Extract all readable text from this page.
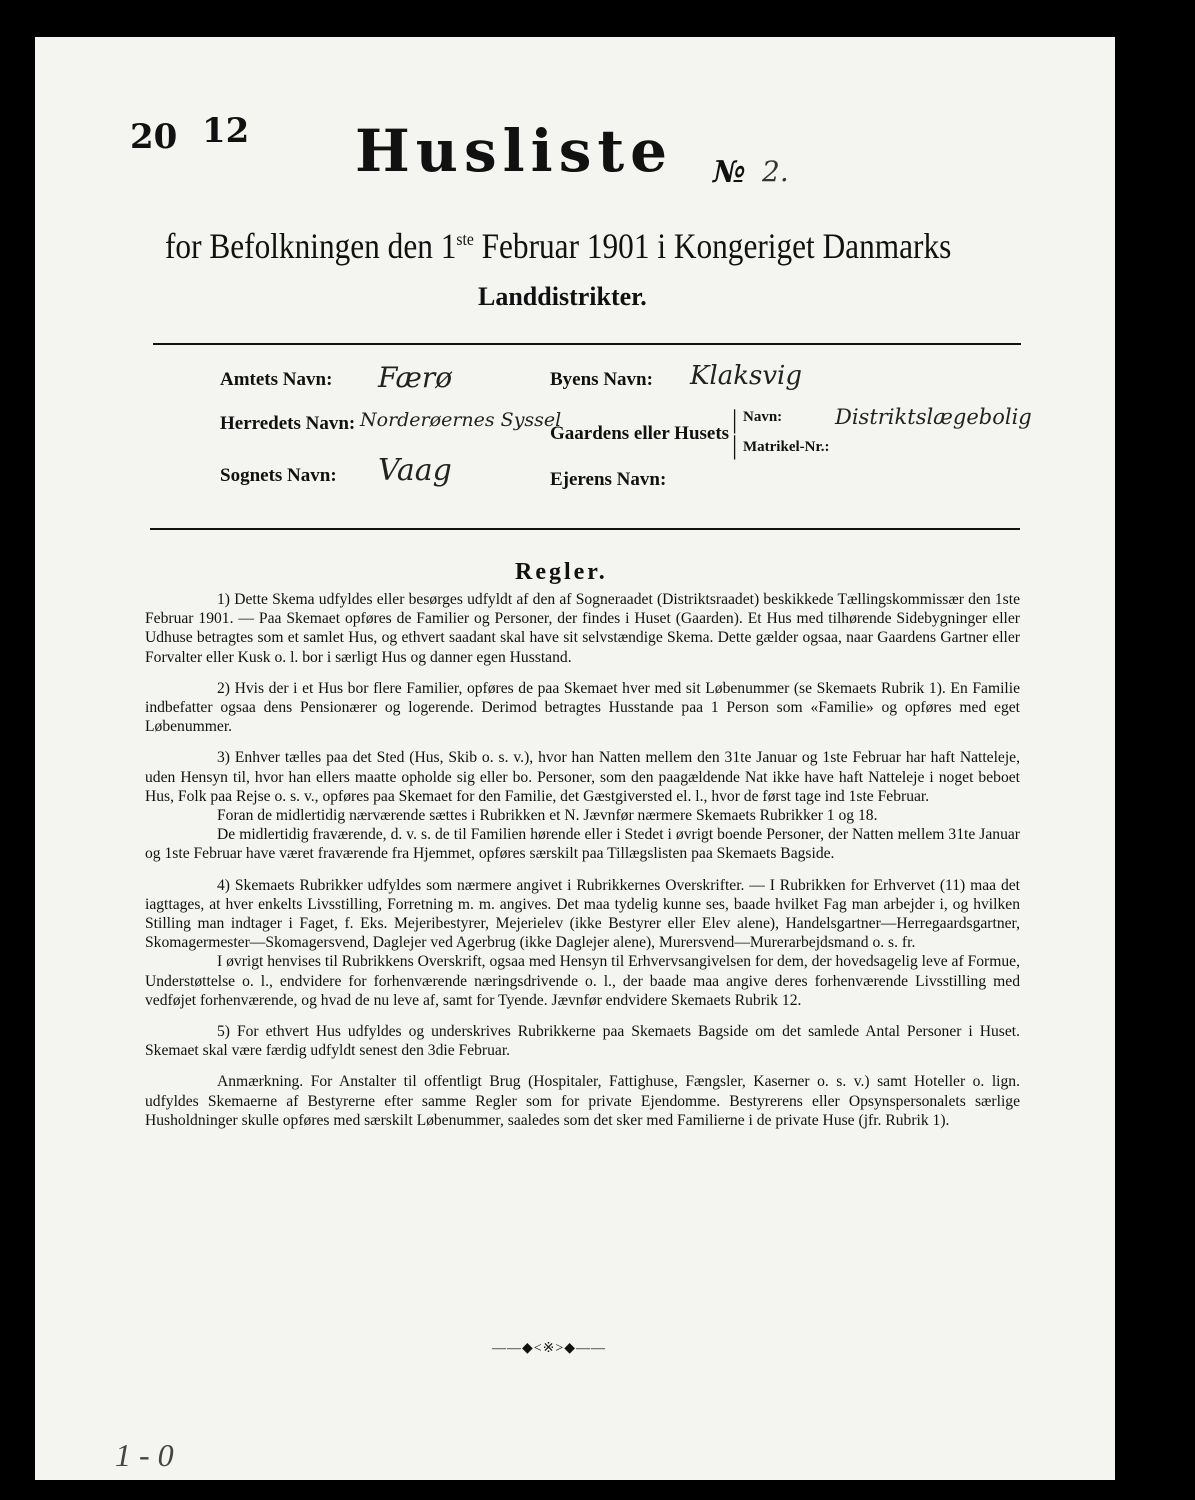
20 12 Husliste № 2.
for Befolkningen den 1ste Februar 1901 i Kongeriget Danmarks
Landdistrikter.
Amtets Navn: Færø	Byens Navn: Klaksvig
Herredets Navn: Norderøernes Syssel
Gaardens eller Husets |
|
Navn:
Matrikel-Nr.:
Distriktslægebolig
Sognets Navn: Vaag	Ejerens Navn:
Regler.

1) Dette Skema udfyldes eller besørges udfyldt af den af Sogneraadet (Distriktsraadet) beskikkede Tællingskommissær den 1ste Februar 1901. — Paa Skemaet opføres de Familier og Personer, der findes i Huset (Gaarden). Et Hus med tilhørende Sidebygninger eller Udhuse betragtes som et samlet Hus, og ethvert saadant skal have sit selvstændige Skema. Dette gælder ogsaa, naar Gaardens Gartner eller Forvalter eller Kusk o. l. bor i særligt Hus og danner egen Husstand.

2) Hvis der i et Hus bor flere Familier, opføres de paa Skemaet hver med sit Løbenummer (se Skemaets Rubrik 1). En Familie indbefatter ogsaa dens Pensionærer og logerende. Derimod betragtes Husstande paa 1 Person som «Familie» og opføres med eget Løbenummer.

3) Enhver tælles paa det Sted (Hus, Skib o. s. v.), hvor han Natten mellem den 31te Januar og 1ste Februar har haft Natteleje, uden Hensyn til, hvor han ellers maatte opholde sig eller bo. Personer, som den paagældende Nat ikke have haft Natteleje i noget beboet Hus, Folk paa Rejse o. s. v., opføres paa Skemaet for den Familie, det Gæstgiversted el. l., hvor de først tage ind 1ste Februar.

Foran de midlertidig nærværende sættes i Rubrikken et N. Jævnfør nærmere Skemaets Rubrikker 1 og 18.

De midlertidig fraværende, d. v. s. de til Familien hørende eller i Stedet i øvrigt boende Personer, der Natten mellem 31te Januar og 1ste Februar have været fraværende fra Hjemmet, opføres særskilt paa Tillægslisten paa Skemaets Bagside.

4) Skemaets Rubrikker udfyldes som nærmere angivet i Rubrikkernes Overskrifter. — I Rubrikken for Erhvervet (11) maa det iagttages, at hver enkelts Livsstilling, Forretning m. m. angives. Det maa tydelig kunne ses, baade hvilket Fag man arbejder i, og hvilken Stilling man indtager i Faget, f. Eks. Mejeribestyrer, Mejerielev (ikke Bestyrer eller Elev alene), Handelsgartner—Herregaardsgartner, Skomagermester—Skomagersvend, Daglejer ved Agerbrug (ikke Daglejer alene), Murersvend—Murerarbejdsmand o. s. fr.

I øvrigt henvises til Rubrikkens Overskrift, ogsaa med Hensyn til Erhvervsangivelsen for dem, der hovedsagelig leve af Formue, Understøttelse o. l., endvidere for forhenværende næringsdrivende o. l., der baade maa angive deres forhenværende Livsstilling med vedføjet forhenværende, og hvad de nu leve af, samt for Tyende. Jævnfør endvidere Skemaets Rubrik 12.

5) For ethvert Hus udfyldes og underskrives Rubrikkerne paa Skemaets Bagside om det samlede Antal Personer i Huset. Skemaet skal være færdig udfyldt senest den 3die Februar.

Anmærkning. For Anstalter til offentligt Brug (Hospitaler, Fattighuse, Fængsler, Kaserner o. s. v.) samt Hoteller o. lign. udfyldes Skemaerne af Bestyrerne efter samme Regler som for private Ejendomme. Bestyrerens eller Opsynspersonalets særlige Husholdninger skulle opføres med særskilt Løbenummer, saaledes som det sker med Familierne i de private Huse (jfr. Rubrik 1).

——◆<※>◆——
1 - 0
